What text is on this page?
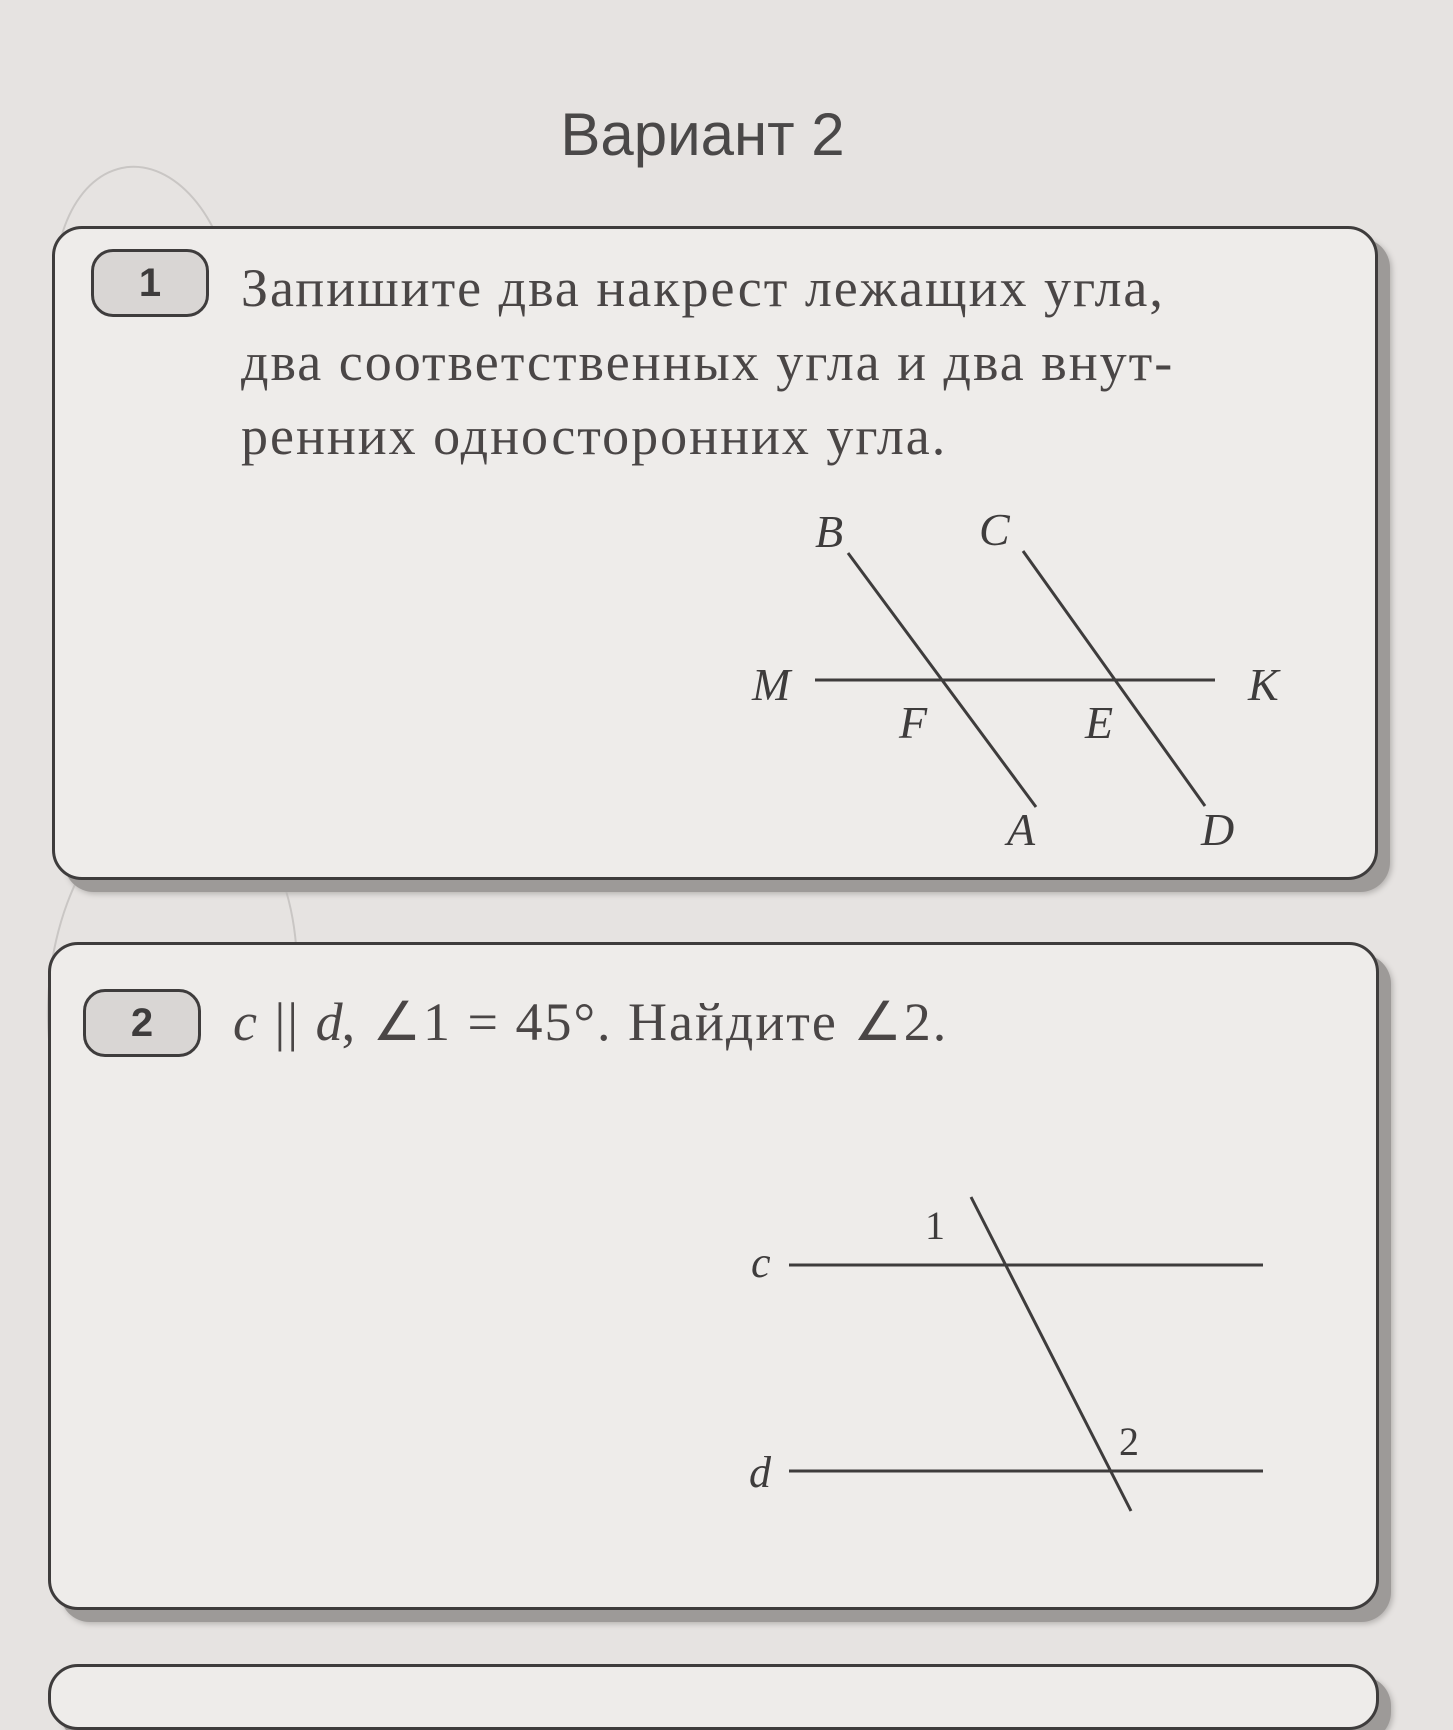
Вариант 2
1	Запишите два накрест лежащих угла,
два соответственных угла и два внут-
ренних односторонних угла.
B	C
M	K
F	E
A	D
2	c || d, ∠1 = 45°. Найдите ∠2.
c
d
1
2
